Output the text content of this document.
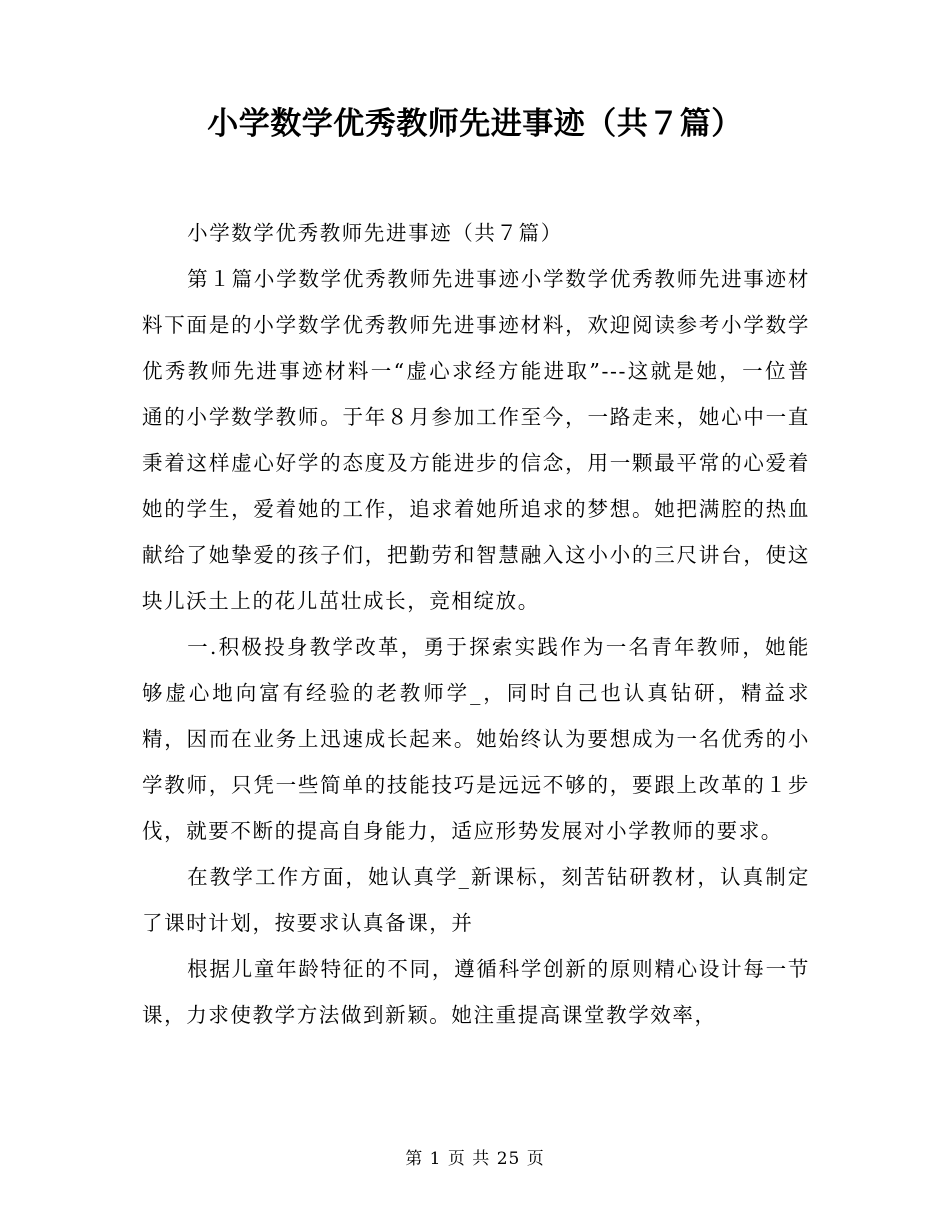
小学数学优秀教师先进事迹（共７篇）

小学数学优秀教师先进事迹（共７篇）

第１篇小学数学优秀教师先进事迹小学数学优秀教师先进事迹材料下面是的小学数学优秀教师先进事迹材料，欢迎阅读参考小学数学优秀教师先进事迹材料一“虚心求经方能进取”---这就是她，一位普通的小学数学教师。于年８月参加工作至今，一路走来，她心中一直秉着这样虚心好学的态度及方能进步的信念，用一颗最平常的心爱着她的学生，爱着她的工作，追求着她所追求的梦想。她把满腔的热血献给了她挚爱的孩子们，把勤劳和智慧融入这小小的三尺讲台，使这块儿沃土上的花儿茁壮成长，竞相绽放。

一.积极投身教学改革，勇于探索实践作为一名青年教师，她能够虚心地向富有经验的老教师学_，同时自己也认真钻研，精益求精，因而在业务上迅速成长起来。她始终认为要想成为一名优秀的小学教师，只凭一些简单的技能技巧是远远不够的，要跟上改革的１步伐，就要不断的提高自身能力，适应形势发展对小学教师的要求。

在教学工作方面，她认真学_新课标，刻苦钻研教材，认真制定了课时计划，按要求认真备课，并

根据儿童年龄特征的不同，遵循科学创新的原则精心设计每一节课，力求使教学方法做到新颖。她注重提高课堂教学效率，

第 1 页 共 25 页
